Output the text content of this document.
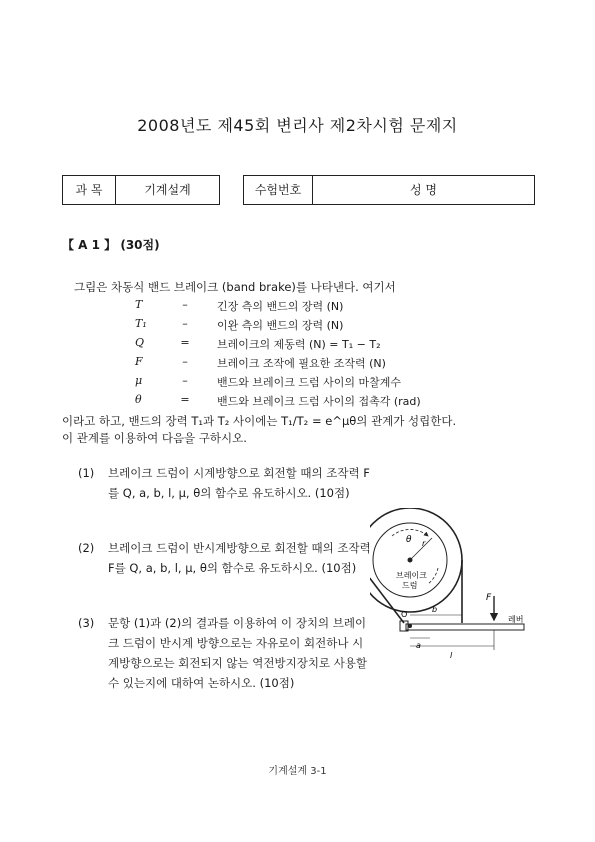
2008년도 제45회 변리사 제2차시험 문제지
과 목	기계설계	수험번호	성 명
【 A 1 】 (30점)
그림은 차동식 밴드 브레이크 (band brake)를 나타낸다. 여기서
T	–	긴장 측의 밴드의 장력 (N)
T₁	–	이완 측의 밴드의 장력 (N)
Q	=	브레이크의 제동력 (N) = T₁ − T₂
F	–	브레이크 조작에 필요한 조작력 (N)
μ	–	밴드와 브레이크 드럼 사이의 마찰계수
θ	=	밴드와 브레이크 드럼 사이의 접촉각 (rad)
이라고 하고, 밴드의 장력 T₁과 T₂ 사이에는 T₁/T₂ = e^μθ의 관계가 성립한다.
이 관계를 이용하여 다음을 구하시오.
(1) 브레이크 드럼이 시계방향으로 회전할 때의 조작력 F를 Q, a, b, l, μ, θ의 함수로 유도하시오. (10점)
(2) 브레이크 드럼이 반시계방향으로 회전할 때의 조작력 F를 Q, a, b, l, μ, θ의 함수로 유도하시오. (10점)
(3) 문항 (1)과 (2)의 결과를 이용하여 이 장치의 브레이크 드럼이 반시계 방향으로는 자유로이 회전하나 시계방향으로는 회전되지 않는 역전방지장치로 사용할 수 있는지에 대하여 논하시오. (10점)
r
θ
브레이크
드럼
O
레버
b
a
l
F
기계설계 3-1
